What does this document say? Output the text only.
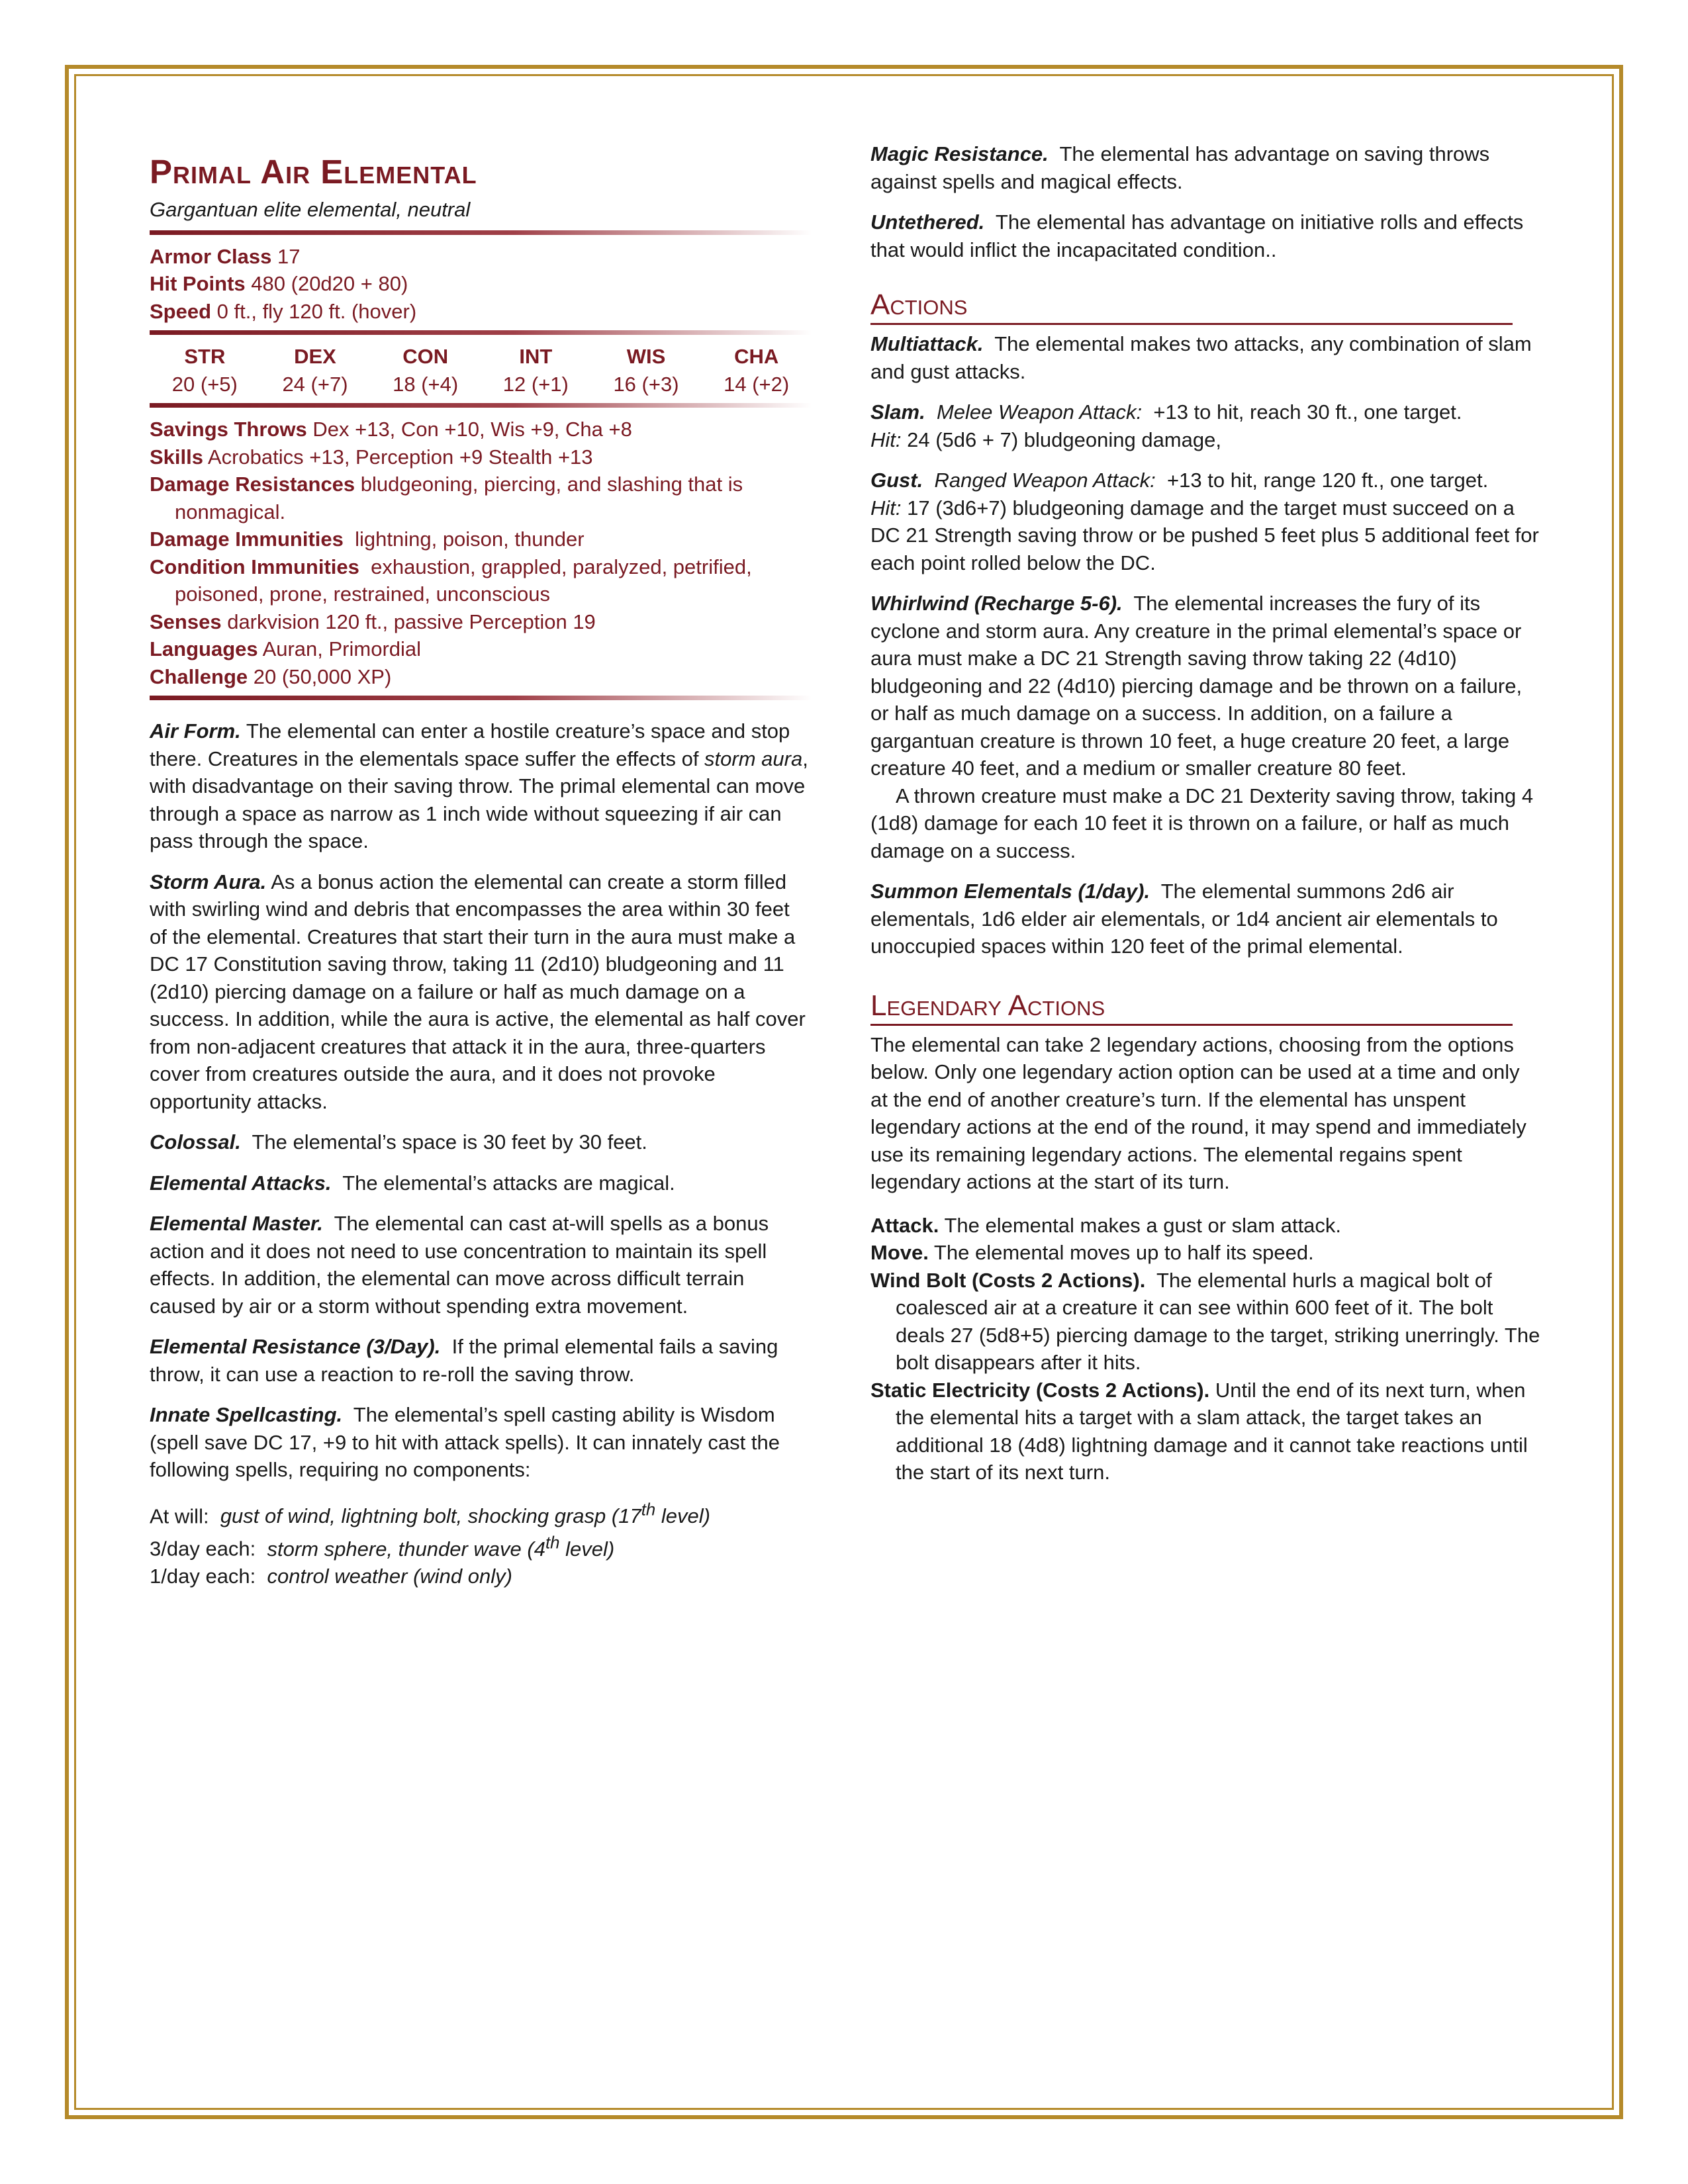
Primal Air Elemental
Gargantuan elite elemental, neutral
Armor Class 17
Hit Points 480 (20d20 + 80)
Speed 0 ft., fly 120 ft. (hover)
STR	DEX	CON	INT	WIS	CHA
20 (+5)	24 (+7)	18 (+4)	12 (+1)	16 (+3)	14 (+2)
Savings Throws Dex +13, Con +10, Wis +9, Cha +8
Skills Acrobatics +13, Perception +9 Stealth +13
Damage Resistances bludgeoning, piercing, and slashing that is nonmagical.
Damage Immunities lightning, poison, thunder
Condition Immunities exhaustion, grappled, paralyzed, petrified, poisoned, prone, restrained, unconscious
Senses darkvision 120 ft., passive Perception 19
Languages Auran, Primordial
Challenge 20 (50,000 XP)
Air Form. The elemental can enter a hostile creature’s space and stop there. Creatures in the elementals space suffer the effects of storm aura, with disadvantage on their saving throw. The primal elemental can move through a space as narrow as 1 inch wide without squeezing if air can pass through the space.
Storm Aura. As a bonus action the elemental can create a storm filled with swirling wind and debris that encompasses the area within 30 feet of the elemental. Creatures that start their turn in the aura must make a DC 17 Constitution saving throw, taking 11 (2d10) bludgeoning and 11 (2d10) piercing damage on a failure or half as much damage on a success. In addition, while the aura is active, the elemental as half cover from non-adjacent creatures that attack it in the aura, three-quarters cover from creatures outside the aura, and it does not provoke opportunity attacks.
Colossal. The elemental’s space is 30 feet by 30 feet.
Elemental Attacks. The elemental’s attacks are magical.
Elemental Master. The elemental can cast at-will spells as a bonus action and it does not need to use concentration to maintain its spell effects. In addition, the elemental can move across difficult terrain caused by air or a storm without spending extra movement.
Elemental Resistance (3/Day). If the primal elemental fails a saving throw, it can use a reaction to re-roll the saving throw.
Innate Spellcasting. The elemental’s spell casting ability is Wisdom (spell save DC 17, +9 to hit with attack spells). It can innately cast the following spells, requiring no components:
At will: gust of wind, lightning bolt, shocking grasp (17th level)
3/day each: storm sphere, thunder wave (4th level)
1/day each: control weather (wind only)
Magic Resistance. The elemental has advantage on saving throws against spells and magical effects.
Untethered. The elemental has advantage on initiative rolls and effects that would inflict the incapacitated condition..
Actions
Multiattack. The elemental makes two attacks, any combination of slam and gust attacks.
Slam. Melee Weapon Attack: +13 to hit, reach 30 ft., one target.
Hit: 24 (5d6 + 7) bludgeoning damage,
Gust. Ranged Weapon Attack: +13 to hit, range 120 ft., one target.
Hit: 17 (3d6+7) bludgeoning damage and the target must succeed on a DC 21 Strength saving throw or be pushed 5 feet plus 5 additional feet for each point rolled below the DC.
Whirlwind (Recharge 5-6). The elemental increases the fury of its cyclone and storm aura. Any creature in the primal elemental’s space or aura must make a DC 21 Strength saving throw taking 22 (4d10) bludgeoning and 22 (4d10) piercing damage and be thrown on a failure, or half as much damage on a success. In addition, on a failure a gargantuan creature is thrown 10 feet, a huge creature 20 feet, a large creature 40 feet, and a medium or smaller creature 80 feet.
A thrown creature must make a DC 21 Dexterity saving throw, taking 4 (1d8) damage for each 10 feet it is thrown on a failure, or half as much damage on a success.
Summon Elementals (1/day). The elemental summons 2d6 air elementals, 1d6 elder air elementals, or 1d4 ancient air elementals to unoccupied spaces within 120 feet of the primal elemental.
Legendary Actions
The elemental can take 2 legendary actions, choosing from the options below. Only one legendary action option can be used at a time and only at the end of another creature’s turn. If the elemental has unspent legendary actions at the end of the round, it may spend and immediately use its remaining legendary actions. The elemental regains spent legendary actions at the start of its turn.
Attack. The elemental makes a gust or slam attack.
Move. The elemental moves up to half its speed.
Wind Bolt (Costs 2 Actions). The elemental hurls a magical bolt of coalesced air at a creature it can see within 600 feet of it. The bolt deals 27 (5d8+5) piercing damage to the target, striking unerringly. The bolt disappears after it hits.
Static Electricity (Costs 2 Actions). Until the end of its next turn, when the elemental hits a target with a slam attack, the target takes an additional 18 (4d8) lightning damage and it cannot take reactions until the start of its next turn.
